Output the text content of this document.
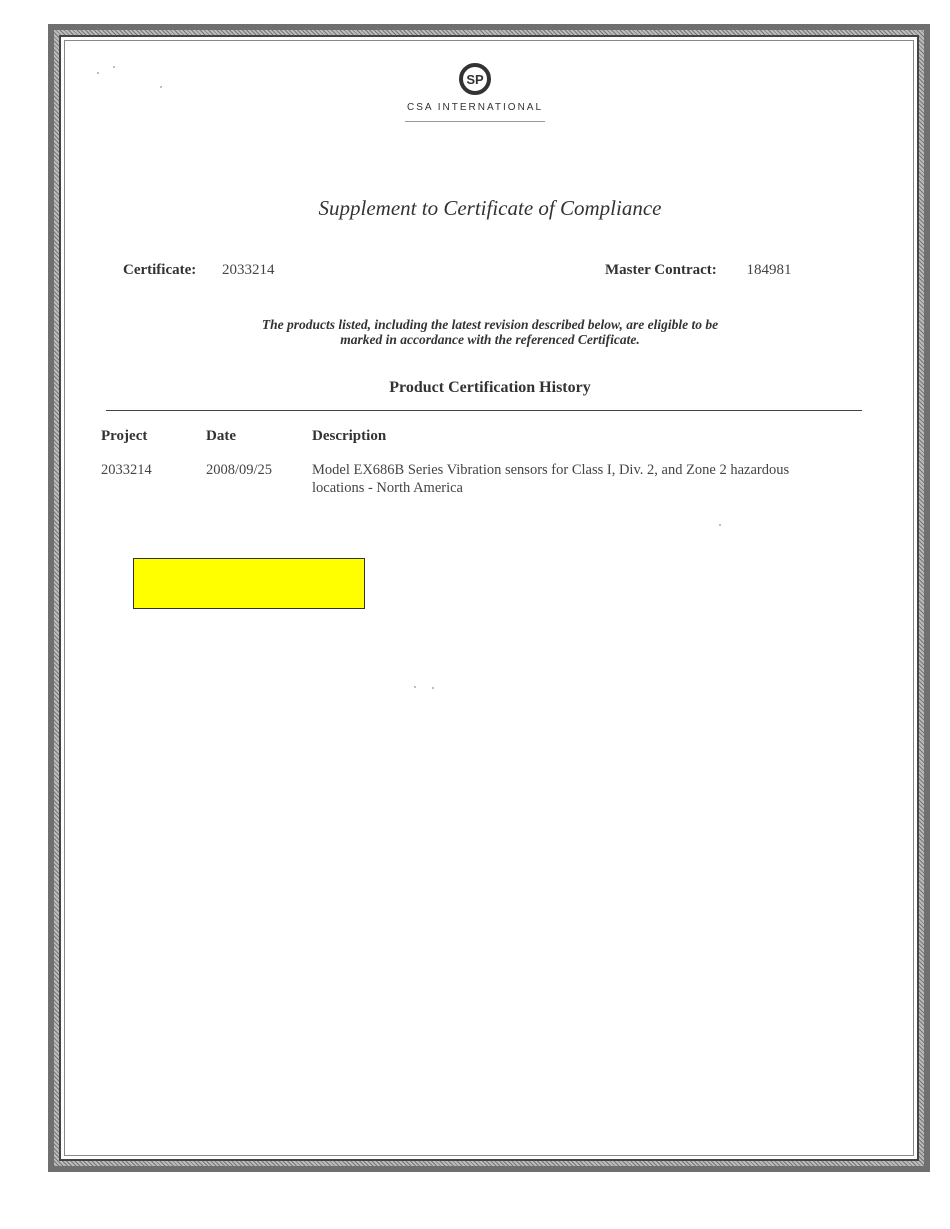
SP
CSA INTERNATIONAL
Supplement to Certificate of Compliance
Certificate: 2033214	Master Contract: 184981
The products listed, including the latest revision described below, are eligible to be
marked in accordance with the referenced Certificate.
Product Certification History
Project	Date	Description
2033214	2008/09/25	Model EX686B Series Vibration sensors for Class I, Div. 2, and Zone 2 hazardous
locations - North America
